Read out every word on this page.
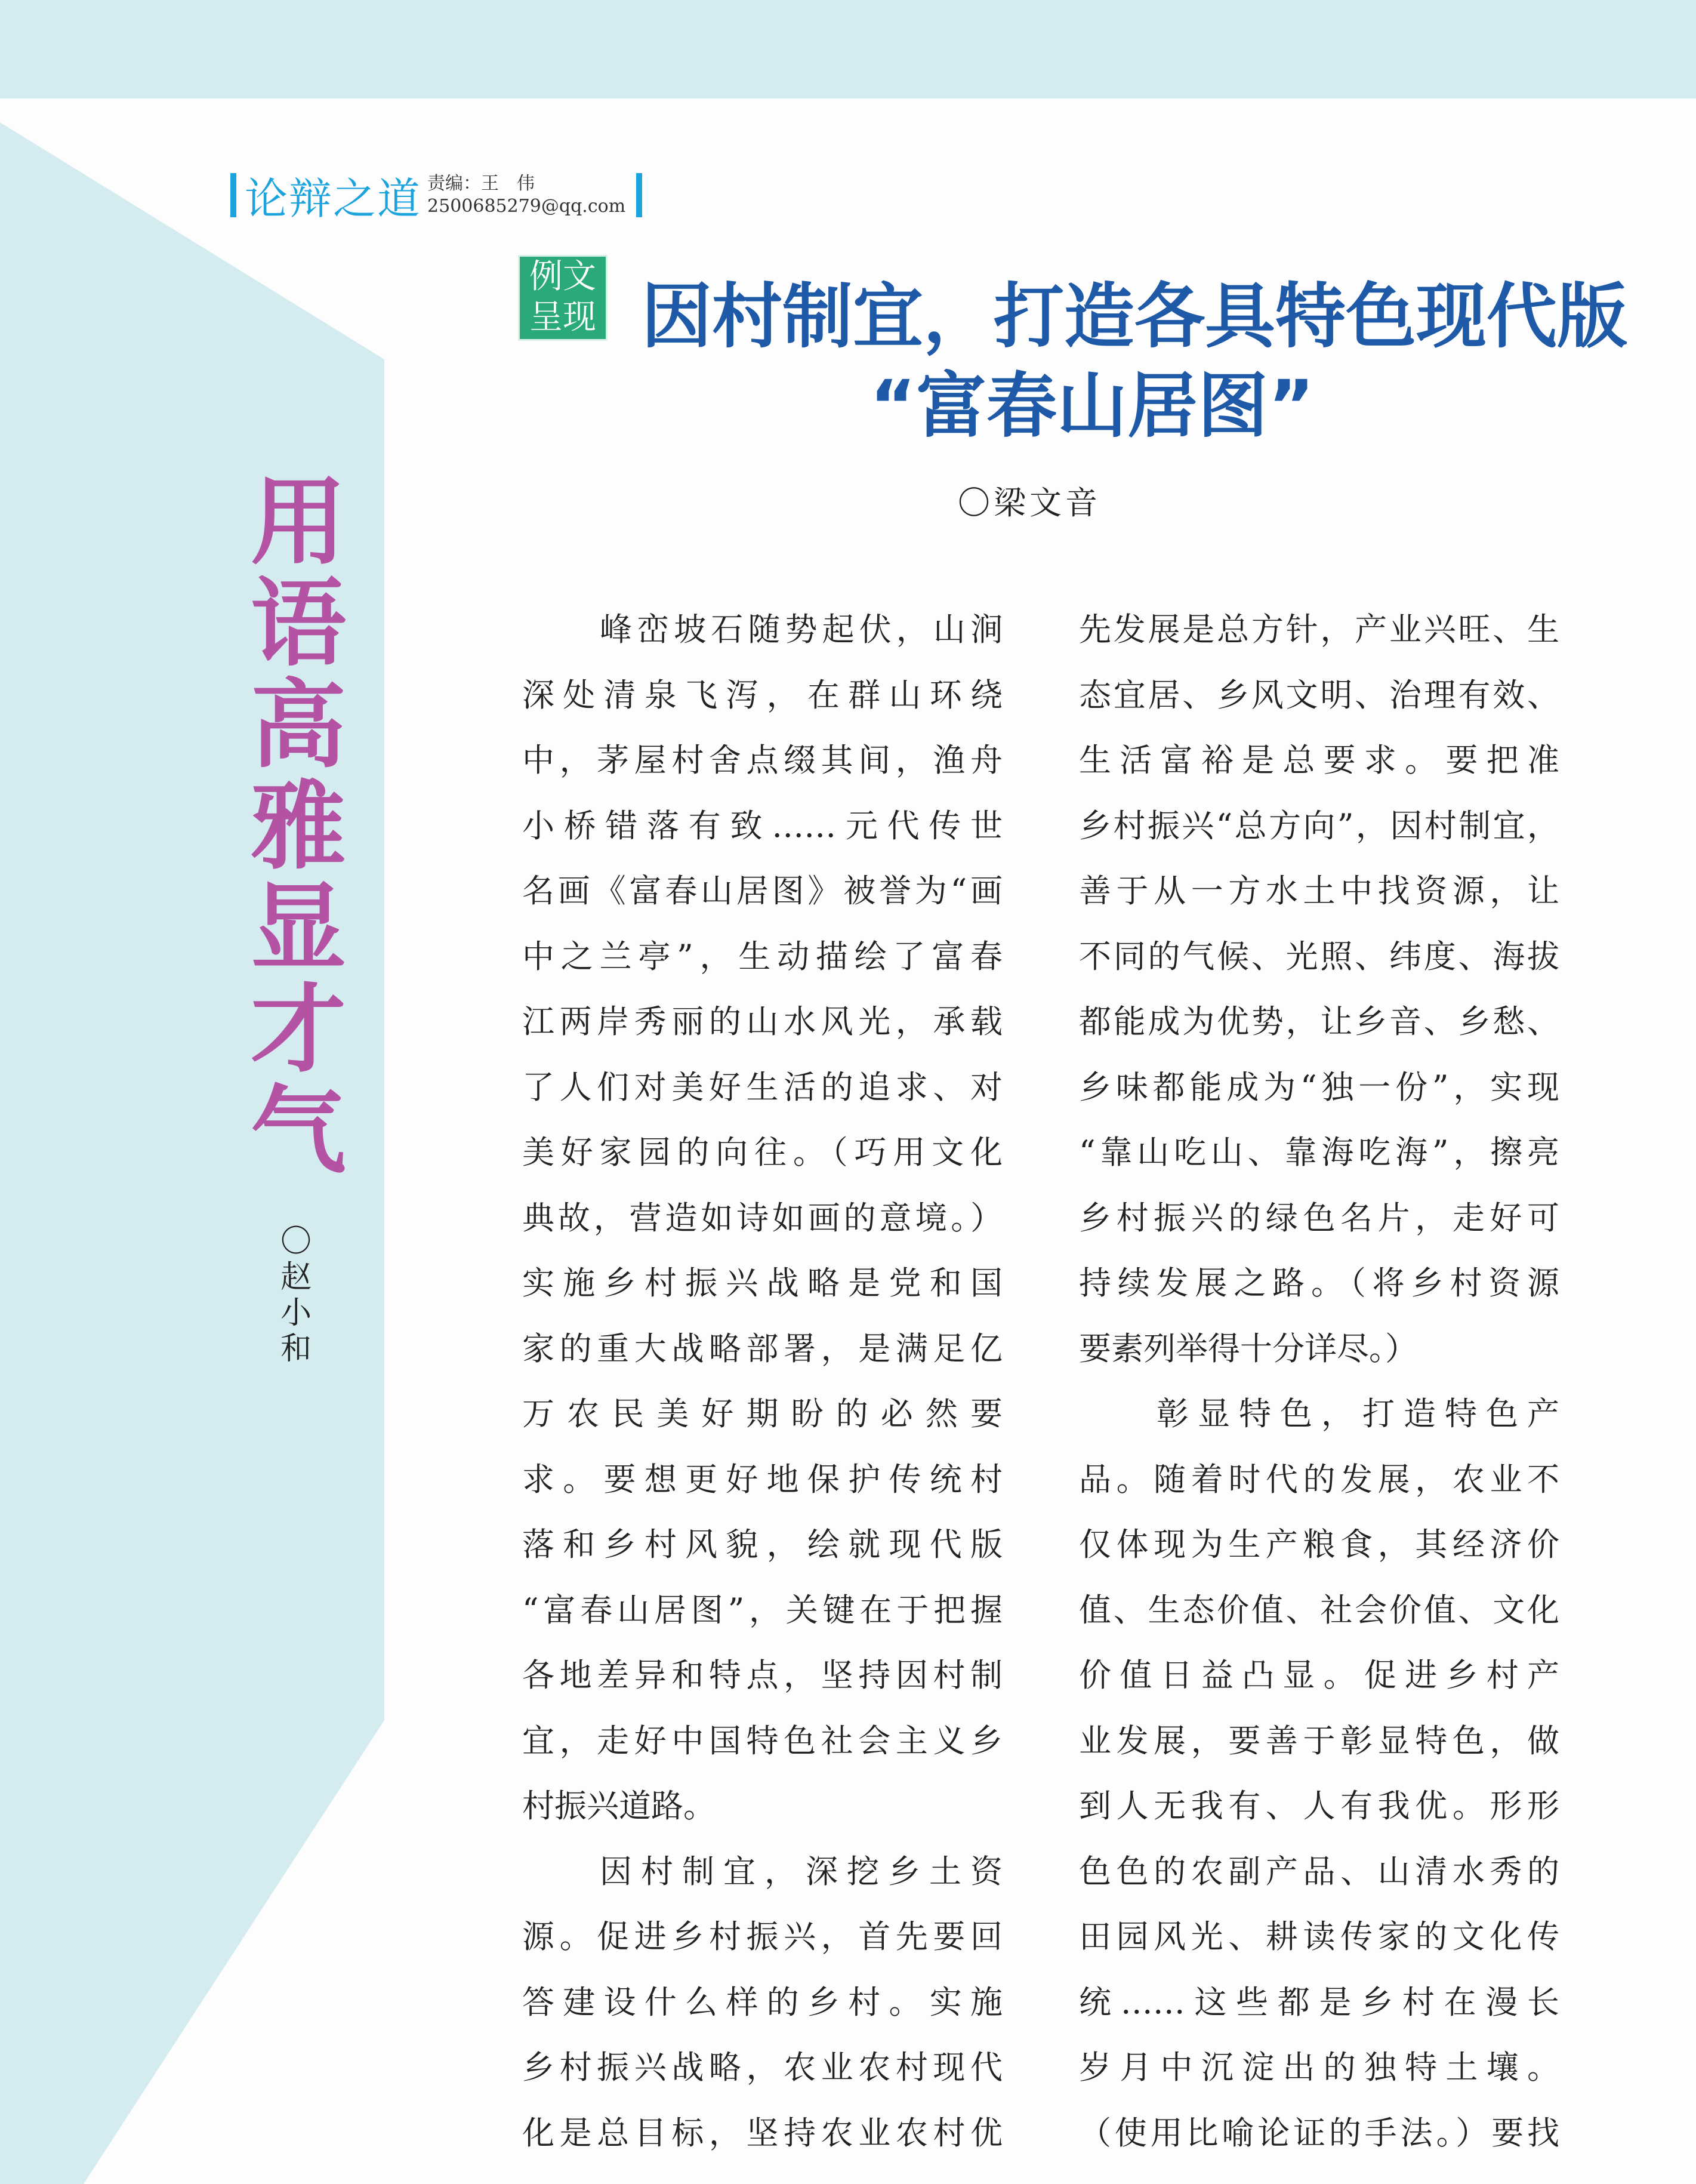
论辩之道 责编：王　伟
2500685279@qq.com
例文
呈现 因村制宜，打造各具特色现代版
“富春山居图”
〇梁文音
用语高雅显才气
〇赵小和
峰峦坡石随势起伏，山涧
深处清泉飞泻，在群山环绕
中，茅屋村舍点缀其间，渔舟
小桥错落有致……元代传世
名画《富春山居图》被誉为“画
中之兰亭”，生动描绘了富春
江两岸秀丽的山水风光，承载
了人们对美好生活的追求、对
美好家园的向往。（巧用文化
典故，营造如诗如画的意境。）
实施乡村振兴战略是党和国
家的重大战略部署，是满足亿
万农民美好期盼的必然要
求。要想更好地保护传统村
落和乡村风貌，绘就现代版
“富春山居图”，关键在于把握
各地差异和特点，坚持因村制
宜，走好中国特色社会主义乡
村振兴道路。
因村制宜，深挖乡土资
源。促进乡村振兴，首先要回
答建设什么样的乡村。实施
乡村振兴战略，农业农村现代
化是总目标，坚持农业农村优
先发展是总方针，产业兴旺、生
态宜居、乡风文明、治理有效、
生活富裕是总要求。要把准
乡村振兴“总方向”，因村制宜，
善于从一方水土中找资源，让
不同的气候、光照、纬度、海拔
都能成为优势，让乡音、乡愁、
乡味都能成为“独一份”，实现
“靠山吃山、靠海吃海”，擦亮
乡村振兴的绿色名片，走好可
持续发展之路。（将乡村资源
要素列举得十分详尽。）
彰显特色，打造特色产
品。随着时代的发展，农业不
仅体现为生产粮食，其经济价
值、生态价值、社会价值、文化
价值日益凸显。促进乡村产
业发展，要善于彰显特色，做
到人无我有、人有我优。形形
色色的农副产品、山清水秀的
田园风光、耕读传家的文化传
统……这些都是乡村在漫长
岁月中沉淀出的独特土壤。
（使用比喻论证的手法。）要找
